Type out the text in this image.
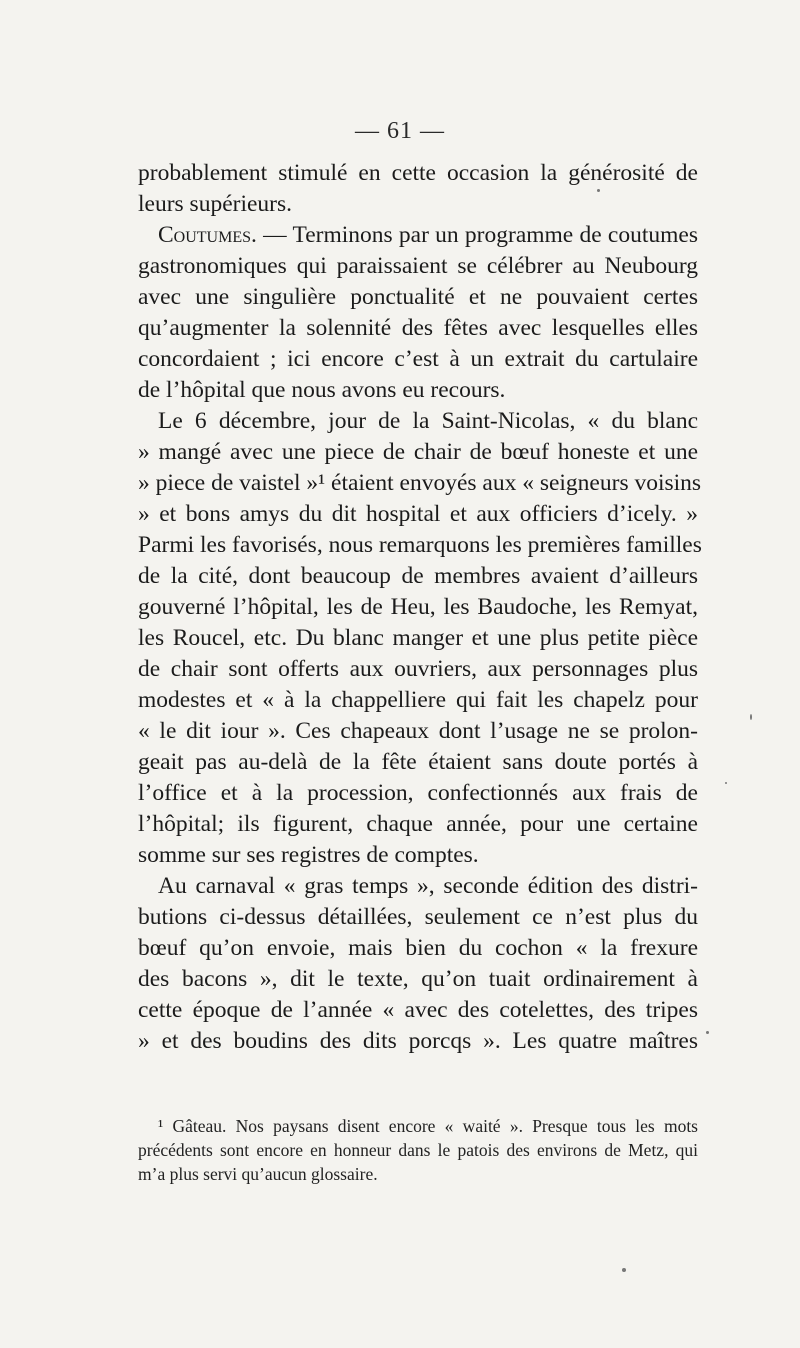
— 61 —
probablement stimulé en cette occasion la générosité de
leurs supérieurs.
Coutumes. — Terminons par un programme de coutumes
gastronomiques qui paraissaient se célébrer au Neubourg
avec une singulière ponctualité et ne pouvaient certes
qu’augmenter la solennité des fêtes avec lesquelles elles
concordaient ; ici encore c’est à un extrait du cartulaire
de l’hôpital que nous avons eu recours.
Le 6 décembre, jour de la Saint-Nicolas, « du blanc
» mangé avec une piece de chair de bœuf honeste et une
» piece de vaistel »¹ étaient envoyés aux « seigneurs voisins
» et bons amys du dit hospital et aux officiers d’icely. »
Parmi les favorisés, nous remarquons les premières familles
de la cité, dont beaucoup de membres avaient d’ailleurs
gouverné l’hôpital, les de Heu, les Baudoche, les Remyat,
les Roucel, etc. Du blanc manger et une plus petite pièce
de chair sont offerts aux ouvriers, aux personnages plus
modestes et « à la chappelliere qui fait les chapelz pour
« le dit iour ». Ces chapeaux dont l’usage ne se prolon-
geait pas au-delà de la fête étaient sans doute portés à
l’office et à la procession, confectionnés aux frais de
l’hôpital; ils figurent, chaque année, pour une certaine
somme sur ses registres de comptes.
Au carnaval « gras temps », seconde édition des distri-
butions ci-dessus détaillées, seulement ce n’est plus du
bœuf qu’on envoie, mais bien du cochon « la frexure
des bacons », dit le texte, qu’on tuait ordinairement à
cette époque de l’année « avec des cotelettes, des tripes
» et des boudins des dits porcqs ». Les quatre maîtres
¹ Gâteau. Nos paysans disent encore « waité ». Presque tous les mots
précédents sont encore en honneur dans le patois des environs de Metz, qui
m’a plus servi qu’aucun glossaire.
